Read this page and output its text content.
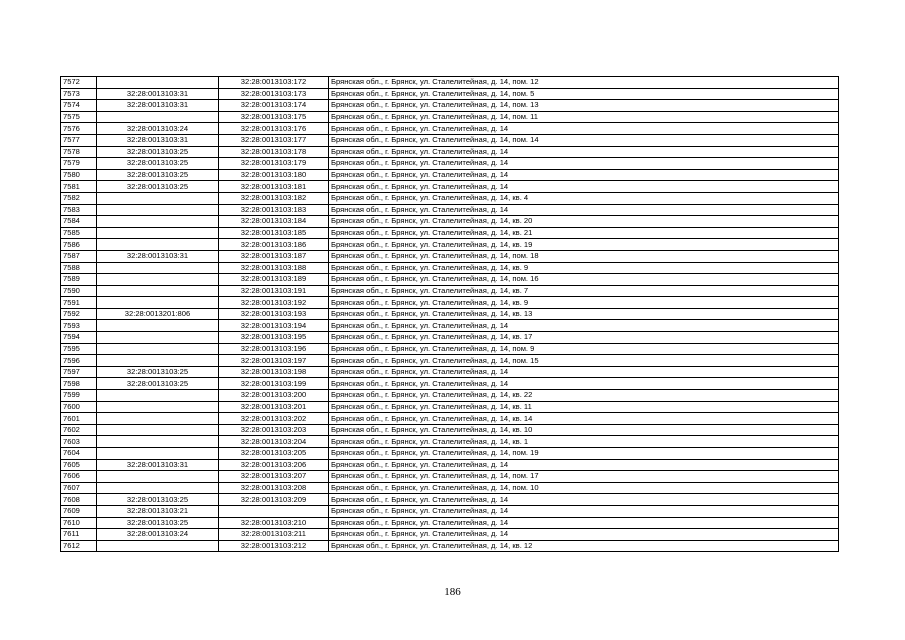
7572		32:28:0013103:172	Брянская обл., г. Брянск, ул. Сталелитейная, д. 14, пом. 12
7573	32:28:0013103:31	32:28:0013103:173	Брянская обл., г. Брянск, ул. Сталелитейная, д. 14, пом. 5
7574	32:28:0013103:31	32:28:0013103:174	Брянская обл., г. Брянск, ул. Сталелитейная, д. 14, пом. 13
7575		32:28:0013103:175	Брянская обл., г. Брянск, ул. Сталелитейная, д. 14, пом. 11
7576	32:28:0013103:24	32:28:0013103:176	Брянская обл., г. Брянск, ул. Сталелитейная, д. 14
7577	32:28:0013103:31	32:28:0013103:177	Брянская обл., г. Брянск, ул. Сталелитейная, д. 14, пом. 14
7578	32:28:0013103:25	32:28:0013103:178	Брянская обл., г. Брянск, ул. Сталелитейная, д. 14
7579	32:28:0013103:25	32:28:0013103:179	Брянская обл., г. Брянск, ул. Сталелитейная, д. 14
7580	32:28:0013103:25	32:28:0013103:180	Брянская обл., г. Брянск, ул. Сталелитейная, д. 14
7581	32:28:0013103:25	32:28:0013103:181	Брянская обл., г. Брянск, ул. Сталелитейная, д. 14
7582		32:28:0013103:182	Брянская обл., г. Брянск, ул. Сталелитейная, д. 14, кв. 4
7583		32:28:0013103:183	Брянская обл., г. Брянск, ул. Сталелитейная, д. 14
7584		32:28:0013103:184	Брянская обл., г. Брянск, ул. Сталелитейная, д. 14, кв. 20
7585		32:28:0013103:185	Брянская обл., г. Брянск, ул. Сталелитейная, д. 14, кв. 21
7586		32:28:0013103:186	Брянская обл., г. Брянск, ул. Сталелитейная, д. 14, кв. 19
7587	32:28:0013103:31	32:28:0013103:187	Брянская обл., г. Брянск, ул. Сталелитейная, д. 14, пом. 18
7588		32:28:0013103:188	Брянская обл., г. Брянск, ул. Сталелитейная, д. 14, кв. 9
7589		32:28:0013103:189	Брянская обл., г. Брянск, ул. Сталелитейная, д. 14, пом. 16
7590		32:28:0013103:191	Брянская обл., г. Брянск, ул. Сталелитейная, д. 14, кв. 7
7591		32:28:0013103:192	Брянская обл., г. Брянск, ул. Сталелитейная, д. 14, кв. 9
7592	32:28:0013201:806	32:28:0013103:193	Брянская обл., г. Брянск, ул. Сталелитейная, д. 14, кв. 13
7593		32:28:0013103:194	Брянская обл., г. Брянск, ул. Сталелитейная, д. 14
7594		32:28:0013103:195	Брянская обл., г. Брянск, ул. Сталелитейная, д. 14, кв. 17
7595		32:28:0013103:196	Брянская обл., г. Брянск, ул. Сталелитейная, д. 14, пом. 9
7596		32:28:0013103:197	Брянская обл., г. Брянск, ул. Сталелитейная, д. 14, пом. 15
7597	32:28:0013103:25	32:28:0013103:198	Брянская обл., г. Брянск, ул. Сталелитейная, д. 14
7598	32:28:0013103:25	32:28:0013103:199	Брянская обл., г. Брянск, ул. Сталелитейная, д. 14
7599		32:28:0013103:200	Брянская обл., г. Брянск, ул. Сталелитейная, д. 14, кв. 22
7600		32:28:0013103:201	Брянская обл., г. Брянск, ул. Сталелитейная, д. 14, кв. 11
7601		32:28:0013103:202	Брянская обл., г. Брянск, ул. Сталелитейная, д. 14, кв. 14
7602		32:28:0013103:203	Брянская обл., г. Брянск, ул. Сталелитейная, д. 14, кв. 10
7603		32:28:0013103:204	Брянская обл., г. Брянск, ул. Сталелитейная, д. 14, кв. 1
7604		32:28:0013103:205	Брянская обл., г. Брянск, ул. Сталелитейная, д. 14, пом. 19
7605	32:28:0013103:31	32:28:0013103:206	Брянская обл., г. Брянск, ул. Сталелитейная, д. 14
7606		32:28:0013103:207	Брянская обл., г. Брянск, ул. Сталелитейная, д. 14, пом. 17
7607		32:28:0013103:208	Брянская обл., г. Брянск, ул. Сталелитейная, д. 14, пом. 10
7608	32:28:0013103:25	32:28:0013103:209	Брянская обл., г. Брянск, ул. Сталелитейная, д. 14
7609	32:28:0013103:21		Брянская обл., г. Брянск, ул. Сталелитейная, д. 14
7610	32:28:0013103:25	32:28:0013103:210	Брянская обл., г. Брянск, ул. Сталелитейная, д. 14
7611	32:28:0013103:24	32:28:0013103:211	Брянская обл., г. Брянск, ул. Сталелитейная, д. 14
7612		32:28:0013103:212	Брянская обл., г. Брянск, ул. Сталелитейная, д. 14, кв. 12
186
